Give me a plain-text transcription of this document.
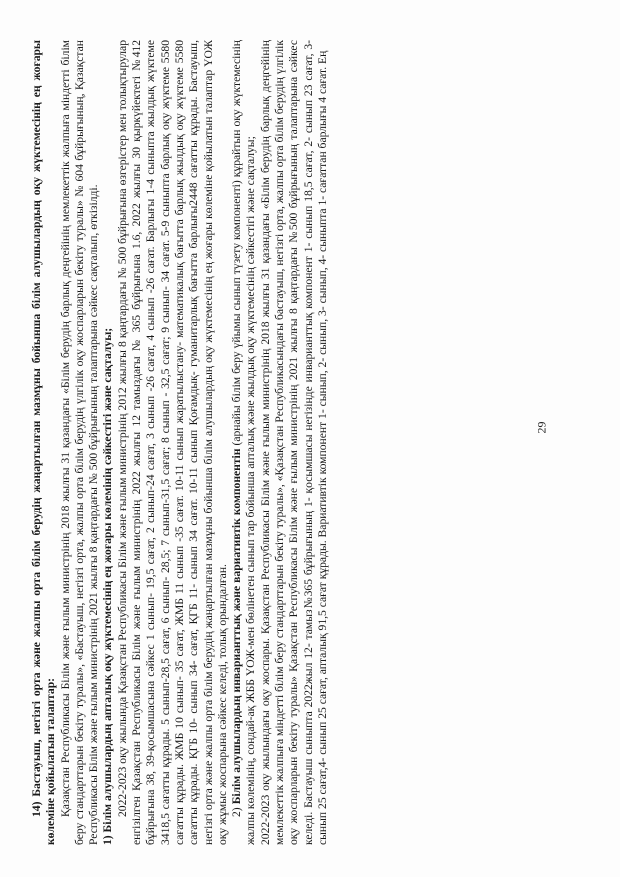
14) Бастауыш, негізгі орта және жалпы орта білім берудің жаңартылған мазмұны бойынша білім алушылардың оқу жүктемесінің ең жоғары көлеміне қойылатын талаптар: Қазақстан Республикасы Білім және ғылым министрінің 2018 жылғы 31 қазандағы «Білім берудің барлық деңгейінің мемлекеттік жалпыға міндетті білім беру стандарттарын бекіту туралы», «Бастауыш, негізгі орта, жалпы орта білім берудің үлгілік оқу жоспарларын бекіту туралы» № 604 бұйрығының, Қазақстан Республикасы Білім және ғылым министрінің 2021 жылғы 8 қаңтардағы № 500 бұйрығының талаптарына сәйкес сақталып, өткізілді. 1) Білім алушылардың апталық оқу жүктемесінің ең жоғары көлемінің сәйкестігі және сақталуы; 2022-2023 оқу жылында Қазақстан Республикасы Білім және ғылым министрінің 2012 жылғы 8 қаңтардағы № 500 бұйрығына өзгерістер мен толықтырулар енгізілген Қазақстан Республикасы Білім және ғылым министрінің 2022 жылғы 12 тамыздағы № 365 бұйрығына 1.6, 2022 жылғы 30 қыркүйектегі №412 бұйрығына 38, 39-қосымшасына сәйкес 1 сынып- 19,5 сағат, 2 сынып-24 сағат, 3 сынып -26 сағат, 4 сынып -26 сағат. Барлығы 1-4 сыныпта жылдық жүктеме 3418,5 сағатты құрады. 5 сынып-28,5 сағат, 6 сынып- 28,5; 7 сынып-31,5 сағат; 8 сынып - 32,5 сағат; 9 сынып- 34 сағат. 5-9 сыныпта барлық оқу жүктеме 5580 сағатты құрады. ЖМБ 10 сынып- 35 сағат, ЖМБ 11 сынып -35 сағат. 10-11 сынып жаратылыстану- математикалық бағытта барлық жылдық оқу жүктеме 5580 сағатты құрады. ҚГБ 10- сынып 34- сағат, ҚГБ 11- сынып 34 сағат. 10-11 сынып Қоғамдық- гуманитарлық бағытта барлығы2448 сағатты құрады. Бастауыш, негізгі орта және жалпы орта білім берудің жаңартылған мазмұны бойынша білім алушылардың оқу жүктемесінің ең жоғары көлеміне қойылатын талаптар ҮОЖ оқу жұмыс жоспарына сәйкес келеді, толық орындалған. 2) Білім алушылардың инварианттық және вариативтік компонентін (арнайы білім беру үйымы сынып түзету компоненті) құрайтын оқу жүктемесінің жалпы көлемінің, сондай-ақ ЖББ ҮОЖ-мен бөлінетен сынып тар бойынша апталық және жылдық оқу жүктемесінің сәйкестігі және сақталуы; 2022-2023 оқу жылындағы оқу жоспары. Қазақстан Республикасы Білім және ғылым министрінің 2018 жылғы 31 қазандағы «Білім берудің барлық деңгейінің мемлекеттік жалпыға міндетті білім беру стандарттарын бекіту туралы», «Қазақстан Республикасындағы бастауыш, негізгі орта, жалпы орта білім берудің үлгілік оқу жоспарларын бекіту туралы» Қазақстан Республикасы Білім және ғылым министрінің 2021 жылғы 8 қаңтардағы №500 бұйрығының талаптарына сәйкес келеді. Бастауыш сыныпта 2022жыл 12- тамыз№365 бұйрығының 1- қосымшасы негізінде инварианттық компонент 1- сынып 18,5 сағат, 2- сынып 23 сағат, 3- сынып 25 сағат,4- сынып 25 сағат, апталық 91,5 сағат құрады. Вариативтік компонент 1- сынып, 2- сынып, 3- сынып, 4- сыныпта 1- сағаттан барлығы 4 сағат. Ең	29
